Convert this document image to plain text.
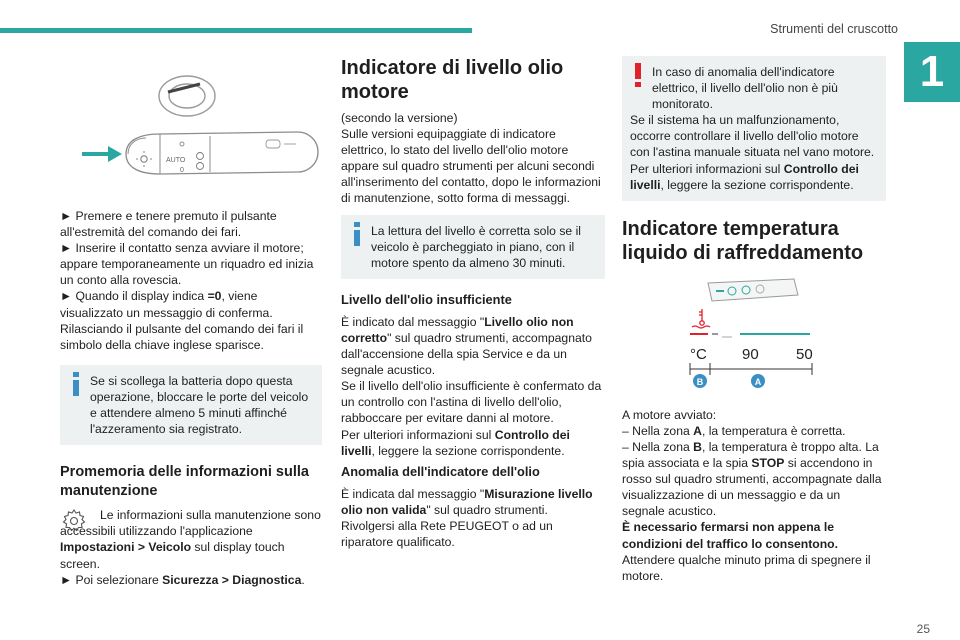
Strumenti del cruscotto
1
AUTO
0

► Premere e tenere premuto il pulsante all'estremità del comando dei fari.
► Inserire il contatto senza avviare il motore; appare temporaneamente un riquadro ed inizia un conto alla rovescia.
► Quando il display indica =0, viene visualizzato un messaggio di conferma.
Rilasciando il pulsante del comando dei fari il simbolo della chiave inglese sparisce.

Se si scollega la batteria dopo questa operazione, bloccare le porte del veicolo e attendere almeno 5 minuti affinché l'azzeramento sia registrato.
Promemoria delle informazioni sulla manutenzione

Le informazioni sulla manutenzione sono accessibili utilizzando l'applicazione Impostazioni > Veicolo sul display touch screen.

► Poi selezionare Sicurezza > Diagnostica.

Indicatore di livello olio motore

(secondo la versione)

Sulle versioni equipaggiate di indicatore elettrico, lo stato del livello dell'olio motore appare sul quadro strumenti per alcuni secondi all'inserimento del contatto, dopo le informazioni di manutenzione, sotto forma di messaggi.

La lettura del livello è corretta solo se il veicolo è parcheggiato in piano, con il motore spento da almeno 30 minuti.
Livello dell'olio insufficiente

È indicato dal messaggio "Livello olio non corretto" sul quadro strumenti, accompagnato dall'accensione della spia Service e da un segnale acustico.

Se il livello dell'olio insufficiente è confermato da un controllo con l'astina di livello dell'olio, rabboccare per evitare danni al motore.

Per ulteriori informazioni sul Controllo dei livelli, leggere la sezione corrispondente.

Anomalia dell'indicatore dell'olio

È indicata dal messaggio "Misurazione livello olio non valida" sul quadro strumenti.

Rivolgersi alla Rete PEUGEOT o ad un riparatore qualificato.

In caso di anomalia dell'indicatore elettrico, il livello dell'olio non è più monitorato.

Se il sistema ha un malfunzionamento, occorre controllare il livello dell'olio motore con l'astina manuale situata nel vano motore.

Per ulteriori informazioni sul Controllo dei livelli, leggere la sezione corrispondente.

Indicatore temperatura liquido di raffreddamento
°C 90 50
B	A

A motore avviato:

– Nella zona A, la temperatura è corretta.

– Nella zona B, la temperatura è troppo alta. La spia associata e la spia STOP si accendono in rosso sul quadro strumenti, accompagnate dalla visualizzazione di un messaggio e da un segnale acustico.

È necessario fermarsi non appena le condizioni del traffico lo consentono.

Attendere qualche minuto prima di spegnere il motore.

25
